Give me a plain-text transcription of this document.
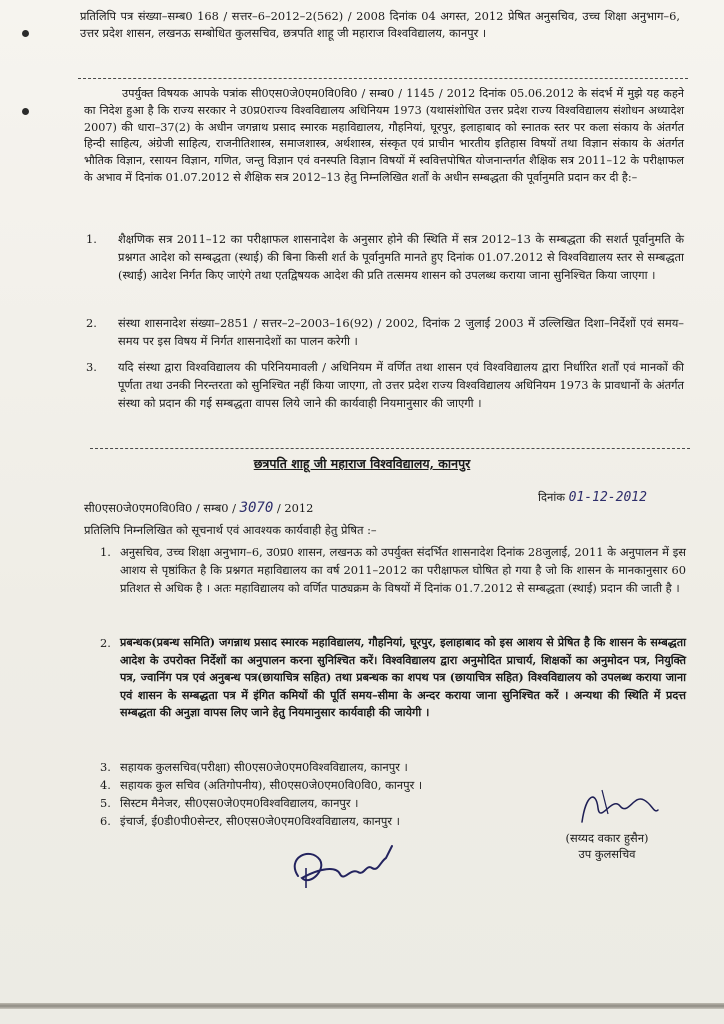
प्रतिलिपि पत्र संख्या–सम्ब0 168 / सत्तर–6–2012–2(562) / 2008 दिनांक 04 अगस्त, 2012 प्रेषित अनुसचिव, उच्च शिक्षा अनुभाग–6, उत्तर प्रदेश शासन, लखनऊ सम्बोधित कुलसचिव, छत्रपति शाहू जी महाराज विश्वविद्यालय, कानपुर ।
उपर्युक्त विषयक आपके पत्रांक सी0एस0जे0एम0वि0वि0 / सम्ब0 / 1145 / 2012 दिनांक 05.06.2012 के संदर्भ में मुझे यह कहने का निदेश हुआ है कि राज्य सरकार ने उ0प्र0राज्य विश्वविद्यालय अधिनियम 1973 (यथासंशोधित उत्तर प्रदेश राज्य विश्वविद्यालय संशोधन अध्यादेश 2007) की धारा–37(2) के अधीन जगन्नाथ प्रसाद स्मारक महाविद्यालय, गौहनियां, घूरपुर, इलाहाबाद को स्नातक स्तर पर कला संकाय के अंतर्गत हिन्दी साहित्य, अंग्रेजी साहित्य, राजनीतिशास्त्र, समाजशास्त्र, अर्थशास्त्र, संस्कृत एवं प्राचीन भारतीय इतिहास विषयों तथा विज्ञान संकाय के अंतर्गत भौतिक विज्ञान, रसायन विज्ञान, गणित, जन्तु विज्ञान एवं वनस्पति विज्ञान विषयों में स्ववित्तपोषित योजनान्तर्गत शैक्षिक सत्र 2011–12 के परीक्षाफल के अभाव में दिनांक 01.07.2012 से शैक्षिक सत्र 2012–13 हेतु निम्नलिखित शर्तों के अधीन सम्बद्धता की पूर्वानुमति प्रदान कर दी है:–
1.	शैक्षणिक सत्र 2011–12 का परीक्षाफल शासनादेश के अनुसार होने की स्थिति में सत्र 2012–13 के सम्बद्धता की सशर्त पूर्वानुमति के प्रश्नगत आदेश को सम्बद्धता (स्थाई) की बिना किसी शर्त के पूर्वानुमति मानते हुए दिनांक 01.07.2012 से विश्वविद्यालय स्तर से सम्बद्धता (स्थाई) आदेश निर्गत किए जाएंगे तथा एतद्विषयक आदेश की प्रति तत्समय शासन को उपलब्ध कराया जाना सुनिश्चित किया जाएगा ।
2.	संस्था शासनादेश संख्या–2851 / सत्तर–2–2003–16(92) / 2002, दिनांक 2 जुलाई 2003 में उल्लिखित दिशा–निर्देशों एवं समय–समय पर इस विषय में निर्गत शासनादेशों का पालन करेगी ।
3.	यदि संस्था द्वारा विश्वविद्यालय की परिनियमावली / अधिनियम में वर्णित तथा शासन एवं विश्वविद्यालय द्वारा निर्धारित शर्तों एवं मानकों की पूर्णता तथा उनकी निरन्तरता को सुनिश्चित नहीं किया जाएगा, तो उत्तर प्रदेश राज्य विश्वविद्यालय अधिनियम 1973 के प्रावधानों के अंतर्गत संस्था को प्रदान की गई सम्बद्धता वापस लिये जाने की कार्यवाही नियमानुसार की जाएगी ।
छत्रपति शाहू जी महाराज विश्वविद्यालय, कानपुर
सी0एस0जे0एम0वि0वि0 / सम्ब0 / 3070 / 2012
दिनांक 01-12-2012
प्रतिलिपि निम्नलिखित को सूचनार्थ एवं आवश्यक कार्यवाही हेतु प्रेषित :–
1. अनुसचिव, उच्च शिक्षा अनुभाग–6, उ0प्र0 शासन, लखनऊ को उपर्युक्त संदर्भित शासनादेश दिनांक 28जुलाई, 2011 के अनुपालन में इस आशय से पृष्ठांकित है कि प्रश्नगत महाविद्यालय का वर्ष 2011–2012 का परीक्षाफल घोषित हो गया है जो कि शासन के मानकानुसार 60 प्रतिशत से अधिक है । अतः महाविद्यालय को वर्णित पाठ्यक्रम के विषयों में दिनांक 01.7.2012 से सम्बद्धता (स्थाई) प्रदान की जाती है ।
2. प्रबन्धक(प्रबन्ध समिति) जगन्नाथ प्रसाद स्मारक महाविद्यालय, गौहनियां, घूरपुर, इलाहाबाद को इस आशय से प्रेषित है कि शासन के सम्बद्धता आदेश के उपरोक्त निर्देशों का अनुपालन करना सुनिश्चित करें। विश्वविद्यालय द्वारा अनुमोदित प्राचार्य, शिक्षकों का अनुमोदन पत्र, नियुक्ति पत्र, ज्वानिंग पत्र एवं अनुबन्ध पत्र(छायाचित्र सहित) तथा प्रबन्धक का शपथ पत्र (छायाचित्र सहित) विश्वविद्यालय को उपलब्ध कराया जाना एवं शासन के सम्बद्धता पत्र में इंगित कमियों की पूर्ति समय–सीमा के अन्दर कराया जाना सुनिश्चित करें । अन्यथा की स्थिति में प्रदत्त सम्बद्धता की अनुज्ञा वापस लिए जाने हेतु नियमानुसार कार्यवाही की जायेगी ।
3. सहायक कुलसचिव(परीक्षा) सी0एस0जे0एम0विश्वविद्यालय, कानपुर ।
4. सहायक कुल सचिव (अतिगोपनीय), सी0एस0जे0एम0वि0वि0, कानपुर ।
5. सिस्टम मैनेजर, सी0एस0जे0एम0विश्वविद्यालय, कानपुर ।
6. इंचार्ज, ई0डी0पी0सेन्टर, सी0एस0जे0एम0विश्वविद्यालय, कानपुर ।
(सय्यद वकार हुसैन)
उप कुलसचिव
